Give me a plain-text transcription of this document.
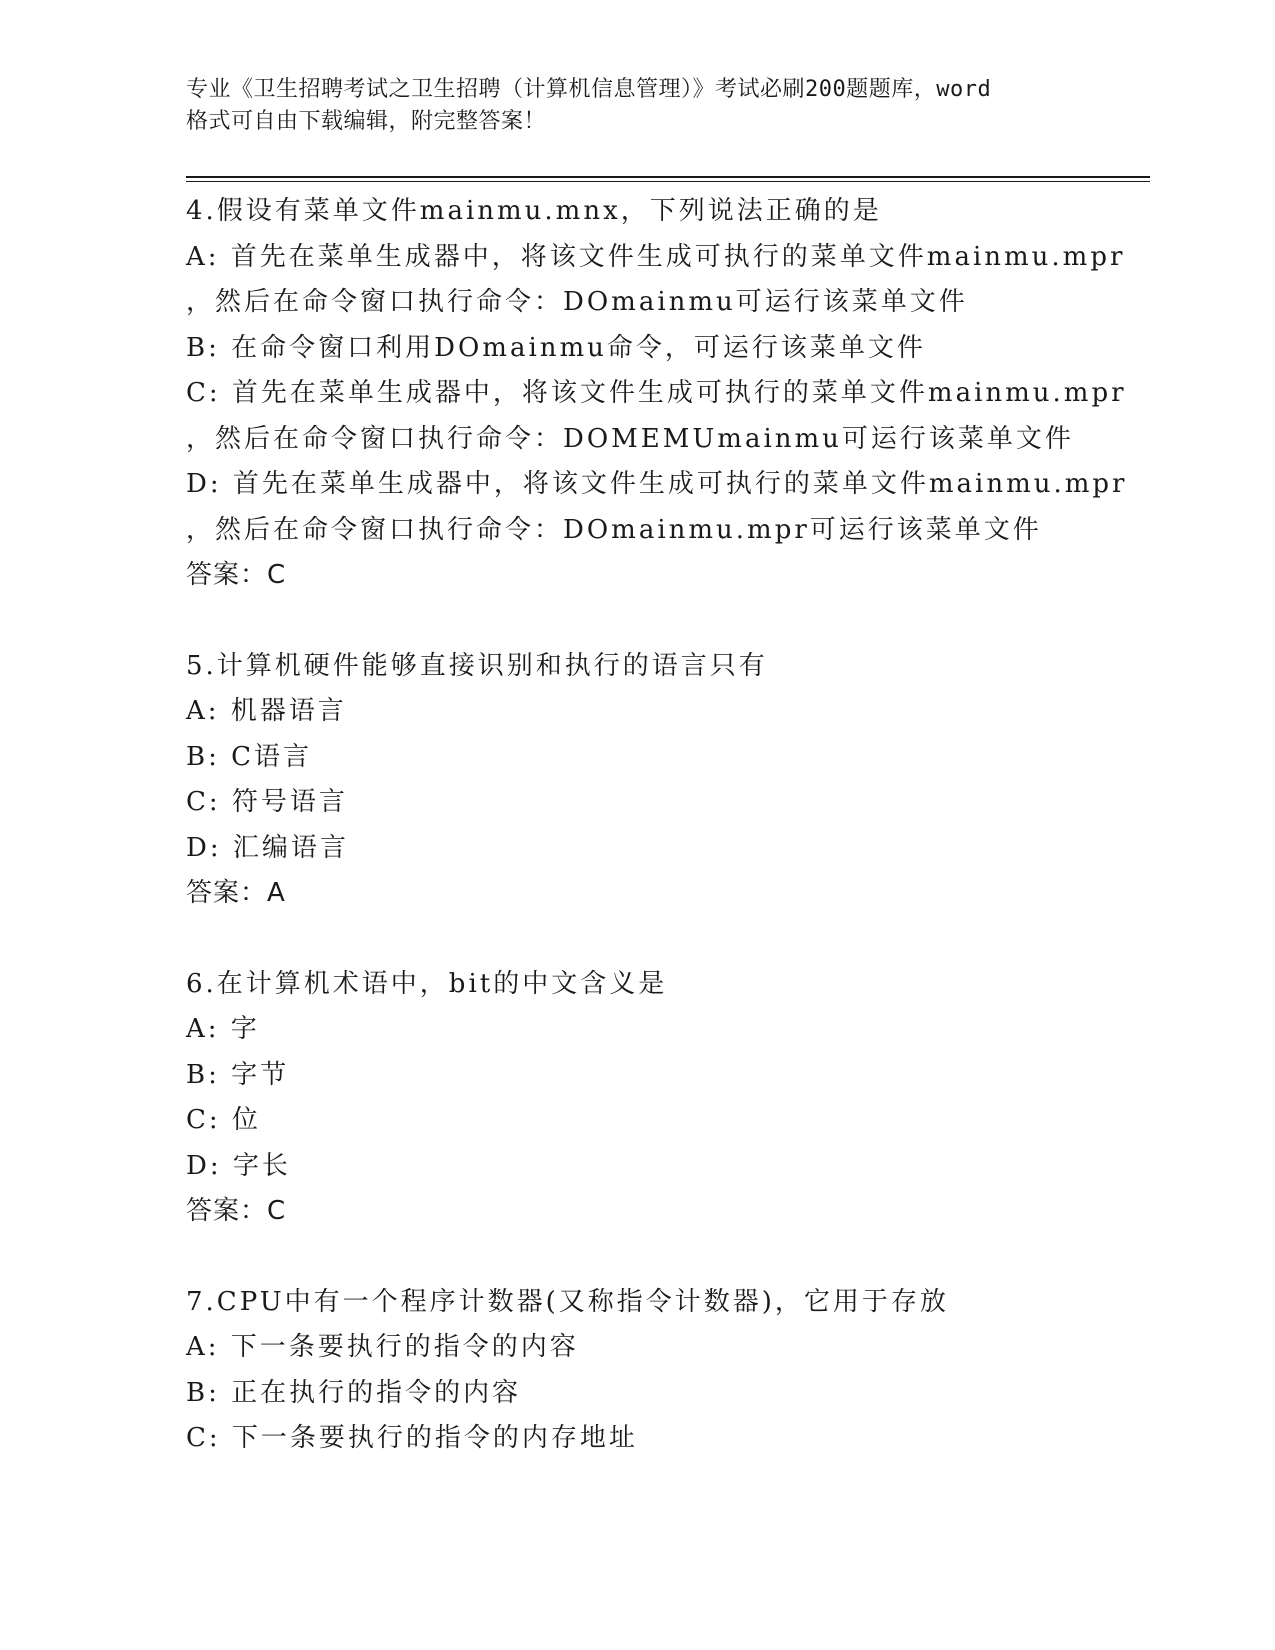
专业《卫生招聘考试之卫生招聘（计算机信息管理）》考试必刷200题题库，word
格式可自由下载编辑，附完整答案！
4.假设有菜单文件mainmu.mnx，下列说法正确的是
A: 首先在菜单生成器中，将该文件生成可执行的菜单文件mainmu.mpr
，然后在命令窗口执行命令：DOmainmu可运行该菜单文件
B: 在命令窗口利用DOmainmu命令，可运行该菜单文件
C: 首先在菜单生成器中，将该文件生成可执行的菜单文件mainmu.mpr
，然后在命令窗口执行命令：DOMEMUmainmu可运行该菜单文件
D: 首先在菜单生成器中，将该文件生成可执行的菜单文件mainmu.mpr
，然后在命令窗口执行命令：DOmainmu.mpr可运行该菜单文件
答案：C
5.计算机硬件能够直接识别和执行的语言只有
A: 机器语言
B: C语言
C: 符号语言
D: 汇编语言
答案：A
6.在计算机术语中，bit的中文含义是
A: 字
B: 字节
C: 位
D: 字长
答案：C
7.CPU中有一个程序计数器(又称指令计数器)，它用于存放
A: 下一条要执行的指令的内容
B: 正在执行的指令的内容
C: 下一条要执行的指令的内存地址
